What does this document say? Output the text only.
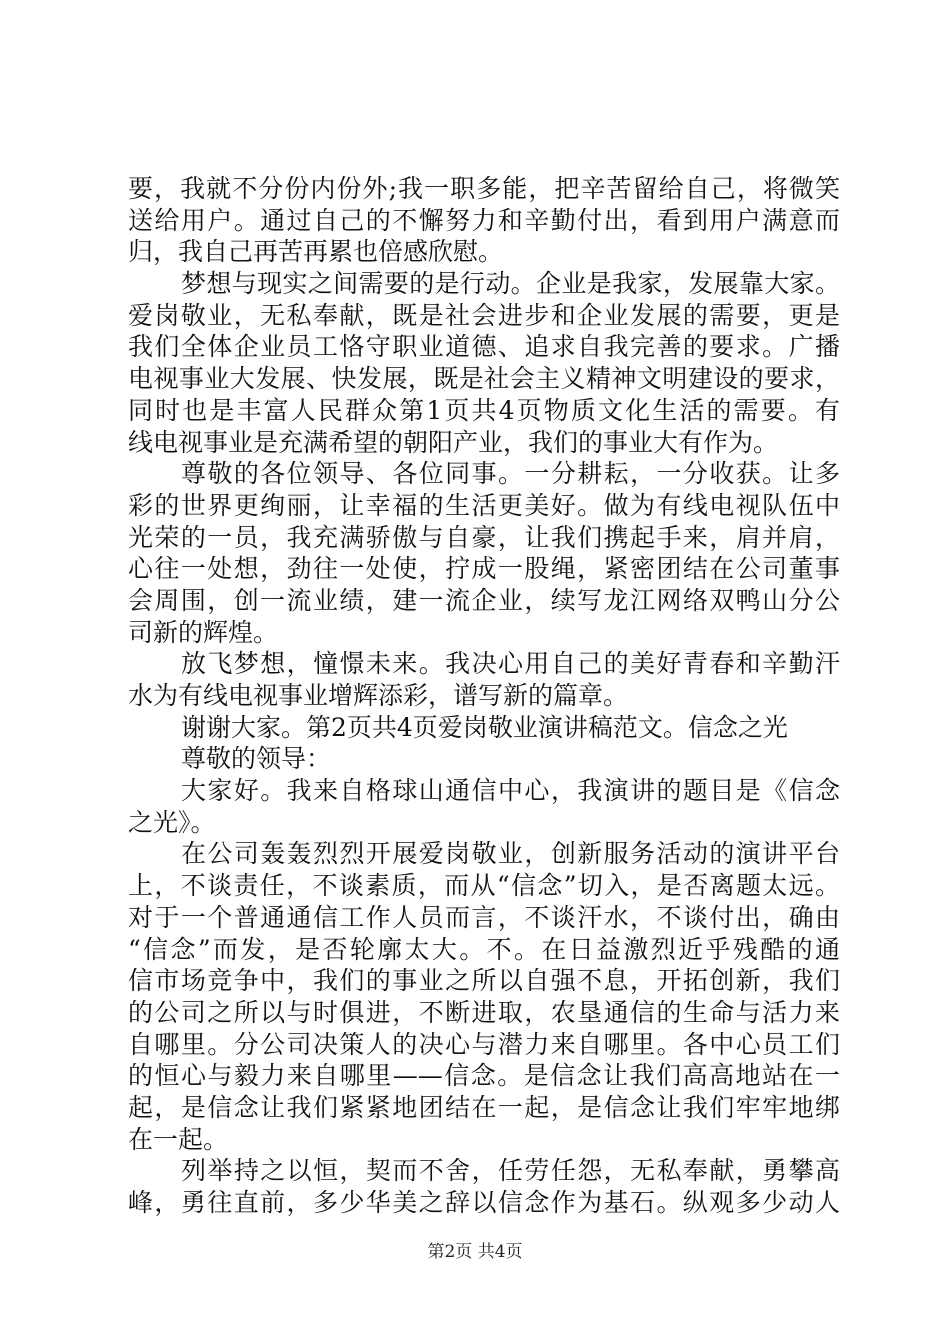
要，我就不分份内份外;我一职多能，把辛苦留给自己，将微笑
送给用户。通过自己的不懈努力和辛勤付出，看到用户满意而
归，我自己再苦再累也倍感欣慰。
梦想与现实之间需要的是行动。企业是我家，发展靠大家。
爱岗敬业，无私奉献，既是社会进步和企业发展的需要，更是
我们全体企业员工恪守职业道德、追求自我完善的要求。广播
电视事业大发展、快发展，既是社会主义精神文明建设的要求，
同时也是丰富人民群众第1页共4页物质文化生活的需要。有
线电视事业是充满希望的朝阳产业，我们的事业大有作为。
尊敬的各位领导、各位同事。一分耕耘，一分收获。让多
彩的世界更绚丽，让幸福的生活更美好。做为有线电视队伍中
光荣的一员，我充满骄傲与自豪，让我们携起手来，肩并肩，
心往一处想，劲往一处使，拧成一股绳，紧密团结在公司董事
会周围，创一流业绩，建一流企业，续写龙江网络双鸭山分公
司新的辉煌。
放飞梦想，憧憬未来。我决心用自己的美好青春和辛勤汗
水为有线电视事业增辉添彩，谱写新的篇章。
谢谢大家。第2页共4页爱岗敬业演讲稿范文。信念之光
尊敬的领导：
大家好。我来自格球山通信中心，我演讲的题目是《信念
之光》。
在公司轰轰烈烈开展爱岗敬业，创新服务活动的演讲平台
上，不谈责任，不谈素质，而从“信念”切入，是否离题太远。
对于一个普通通信工作人员而言，不谈汗水，不谈付出，确由
“信念”而发，是否轮廓太大。不。在日益激烈近乎残酷的通
信市场竞争中，我们的事业之所以自强不息，开拓创新，我们
的公司之所以与时俱进，不断进取，农垦通信的生命与活力来
自哪里。分公司决策人的决心与潜力来自哪里。各中心员工们
的恒心与毅力来自哪里——信念。是信念让我们高高地站在一
起，是信念让我们紧紧地团结在一起，是信念让我们牢牢地绑
在一起。
列举持之以恒，契而不舍，任劳任怨，无私奉献，勇攀高
峰，勇往直前，多少华美之辞以信念作为基石。纵观多少动人
第2页 共4页
